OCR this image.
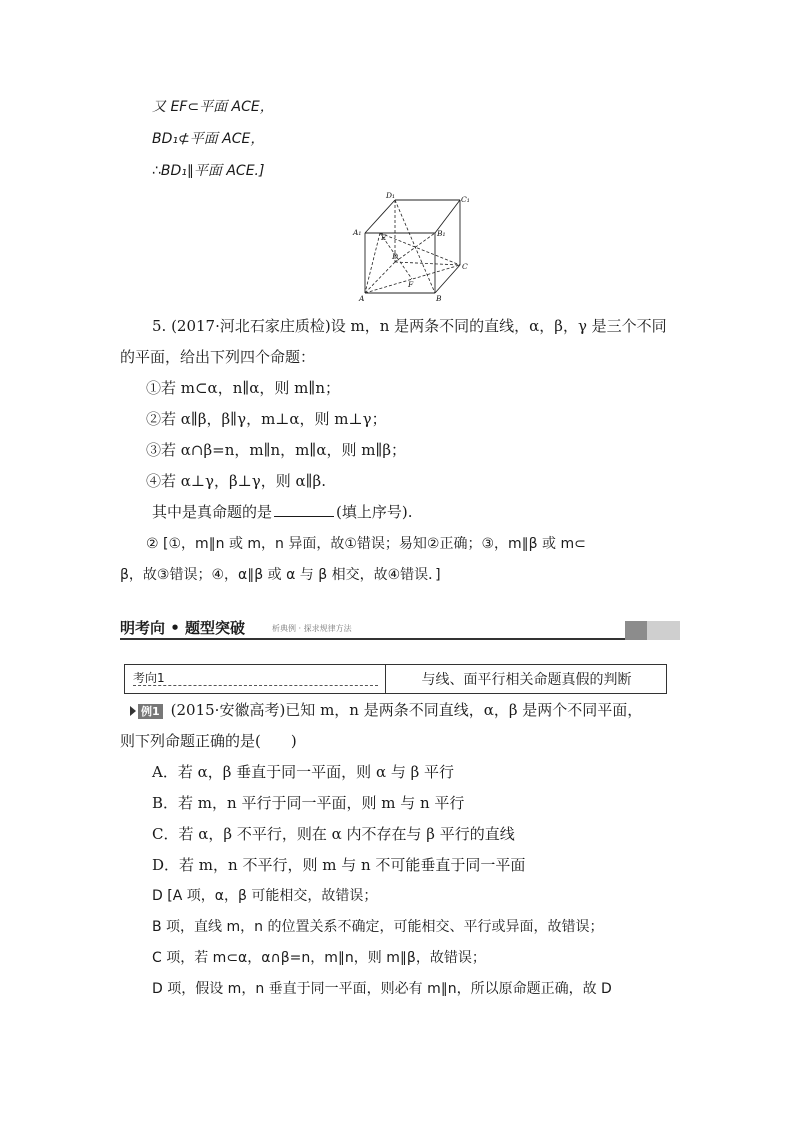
又 EF⊂平面 ACE，
BD₁⊄平面 ACE，
∴BD₁∥平面 ACE.]
D₁	C₁
A₁
E	B₁
D
C
F
A	B
5. (2017·河北石家庄质检)设 m，n 是两条不同的直线，α，β，γ 是三个不同
的平面，给出下列四个命题：
①若 m⊂α，n∥α，则 m∥n；
②若 α∥β，β∥γ，m⊥α，则 m⊥γ；
③若 α∩β=n，m∥n，m∥α，则 m∥β；
④若 α⊥γ，β⊥γ，则 α∥β.
其中是真命题的是	(填上序号).
② [①，m∥n 或 m，n 异面，故①错误；易知②正确；③，m∥β 或 m⊂
β，故③错误；④，α∥β 或 α 与 β 相交，故④错误．]
明考向 • 题型突破	析典例 · 探求规律方法
考向1	与线、面平行相关命题真假的判断
例1 (2015·安徽高考)已知 m，n 是两条不同直线，α，β 是两个不同平面，
则下列命题正确的是(　　)
A．若 α，β 垂直于同一平面，则 α 与 β 平行
B．若 m，n 平行于同一平面，则 m 与 n 平行
C．若 α，β 不平行，则在 α 内不存在与 β 平行的直线
D．若 m，n 不平行，则 m 与 n 不可能垂直于同一平面
D [A 项，α，β 可能相交，故错误；
B 项，直线 m，n 的位置关系不确定，可能相交、平行或异面，故错误；
C 项，若 m⊂α，α∩β=n，m∥n，则 m∥β，故错误；
D 项，假设 m，n 垂直于同一平面，则必有 m∥n，所以原命题正确，故 D
